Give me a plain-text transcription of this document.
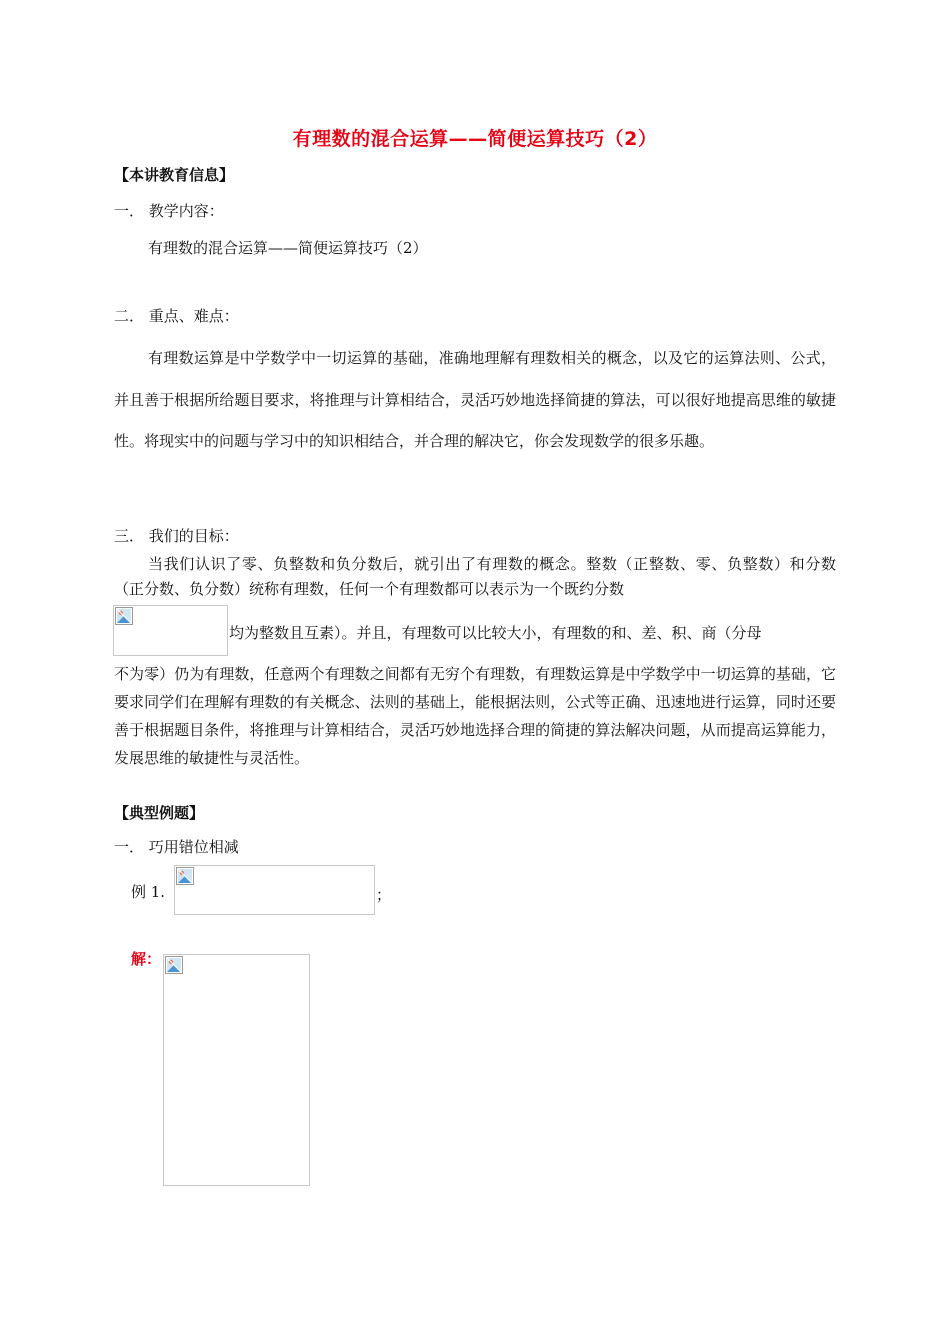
有理数的混合运算——简便运算技巧（2）
【本讲教育信息】
一． 教学内容：
有理数的混合运算——简便运算技巧（2）
二． 重点、难点：
有理数运算是中学数学中一切运算的基础，准确地理解有理数相关的概念，以及它的运算法则、公式，并且善于根据所给题目要求，将推理与计算相结合，灵活巧妙地选择简捷的算法，可以很好地提高思维的敏捷性。将现实中的问题与学习中的知识相结合，并合理的解决它，你会发现数学的很多乐趣。
三． 我们的目标：
当我们认识了零、负整数和负分数后，就引出了有理数的概念。整数（正整数、零、负整数）和分数（正分数、负分数）统称有理数，任何一个有理数都可以表示为一个既约分数
均为整数且互素）。并且，有理数可以比较大小，有理数的和、差、积、商（分母
不为零）仍为有理数，任意两个有理数之间都有无穷个有理数，有理数运算是中学数学中一切运算的基础，它要求同学们在理解有理数的有关概念、法则的基础上，能根据法则，公式等正确、迅速地进行运算，同时还要善于根据题目条件，将推理与计算相结合，灵活巧妙地选择合理的简捷的算法解决问题，从而提高运算能力，发展思维的敏捷性与灵活性。
【典型例题】
一． 巧用错位相减
例 1.	；
解：
